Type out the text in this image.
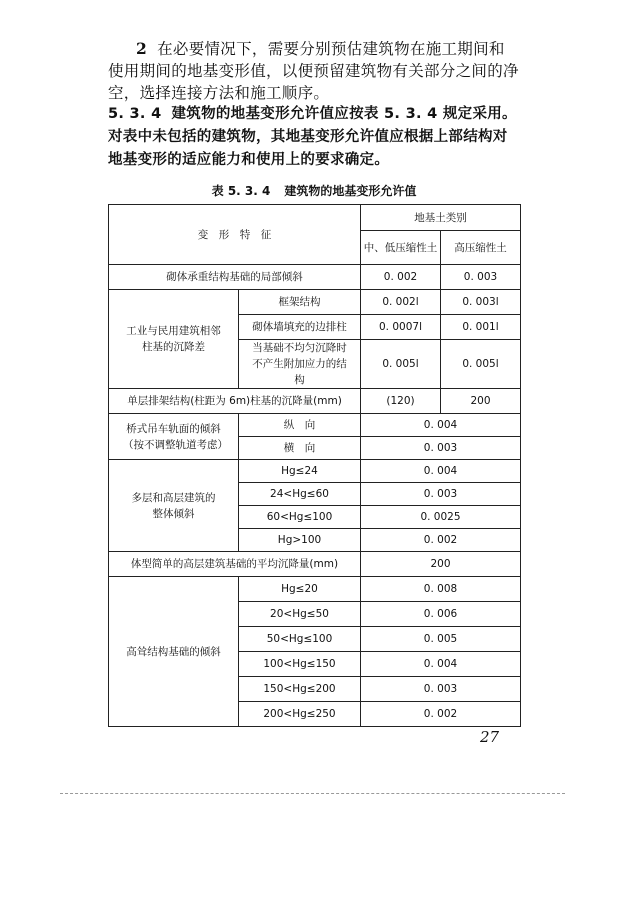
2 在必要情况下，需要分别预估建筑物在施工期间和使用期间的地基变形值，以便预留建筑物有关部分之间的净空，选择连接方法和施工顺序。
5. 3. 4 建筑物的地基变形允许值应按表 5. 3. 4 规定采用。对表中未包括的建筑物，其地基变形允许值应根据上部结构对地基变形的适应能力和使用上的要求确定。
表 5. 3. 4 建筑物的地基变形允许值
变　形　特　征		地基土类别	
		中、低压缩性土	高压缩性土
砌体承重结构基础的局部倾斜		0. 002	0. 003
工业与民用建筑相邻柱基的沉降差	框架结构	0. 002l	0. 003l
	砌体墙填充的边排柱	0. 0007l	0. 001l
	当基础不均匀沉降时不产生附加应力的结构	0. 005l	0. 005l
单层排架结构(柱距为 6m)柱基的沉降量(mm)		(120)	200
桥式吊车轨面的倾斜（按不调整轨道考虑）	纵　向	0. 004	
	横　向	0. 003	
多层和高层建筑的整体倾斜	Hg≤24	0. 004	
	24<Hg≤60	0. 003	
	60<Hg≤100	0. 0025	
	Hg>100	0. 002	
体型简单的高层建筑基础的平均沉降量(mm)		200	
高耸结构基础的倾斜	Hg≤20	0. 008	
	20<Hg≤50	0. 006	
	50<Hg≤100	0. 005	
	100<Hg≤150	0. 004	
	150<Hg≤200	0. 003	
	200<Hg≤250	0. 002	
27
